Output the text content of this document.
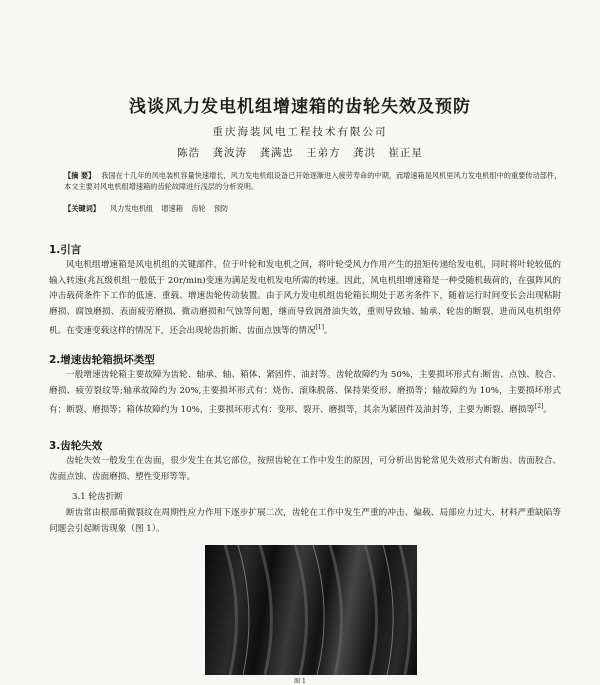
浅谈风力发电机组增速箱的齿轮失效及预防
重庆海装风电工程技术有限公司
陈浩 龚波涛 龚满忠 王弟方 龚洪 崔正星
【摘 要】 我国在十几年的风电装机容量快速增长，风力发电机组设备已开始逐渐进入疲劳寿命的中期，而增速箱是风机里风力发电机组中的重要传动部件，本文主要对风电机组增速箱的齿轮故障进行浅层的分析说明。
【关键词】 风力发电机组 增速箱 齿轮 预防
1.引言
风电机组增速箱是风电机组的关键部件，位于叶轮和发电机之间，将叶轮受风力作用产生的扭矩传递给发电机，同时将叶轮较低的输入转速(兆瓦级机组一般低于 20r/min)变速为满足发电机发电所需的转速。因此，风电机组增速箱是一种受随机载荷的，在强阵风的冲击载荷条件下工作的低速、重载、增速齿轮传动装置。由于风力发电机组齿轮箱长期处于恶劣条件下，随着运行时间变长会出现粘附磨损、腐蚀磨损、表面疲劳磨损、微动磨损和气蚀等问题，继而导致润滑油失效，重则导致轴、轴承、轮齿的断裂，进而风电机组停机。在变速变载这样的情况下，还会出现轮齿折断、齿面点蚀等的情况[1]。
2.增速齿轮箱损坏类型
一般增速齿轮箱主要故障为齿轮、轴承、轴、箱体、紧固件、油封等。齿轮故障约为 50%，主要损坏形式有:断齿、点蚀、胶合、磨损、疲劳裂纹等;轴承故障约为 20%,主要损坏形式有：烧伤、滚珠脱落、保持架变形、磨损等；轴故障约为 10%，主要损坏形式有：断裂、磨损等；箱体故障约为 10%，主要损坏形式有：变形、裂开、磨损等，其余为紧固件及油封等，主要为断裂、磨损等[2]。
3.齿轮失效
齿轮失效一般发生在齿面，很少发生在其它部位，按照齿轮在工作中发生的原因，可分析出齿轮常见失效形式有断齿、齿面胶合、齿面点蚀、齿面磨损、塑性变形等等。
3.1 轮齿折断
断齿常由根部萌微裂纹在周期性应力作用下逐步扩展二次，齿轮在工作中发生严重的冲击、偏载、局部应力过大、材料严重缺陷等问题会引起断齿现象（图 1）。
图 1
